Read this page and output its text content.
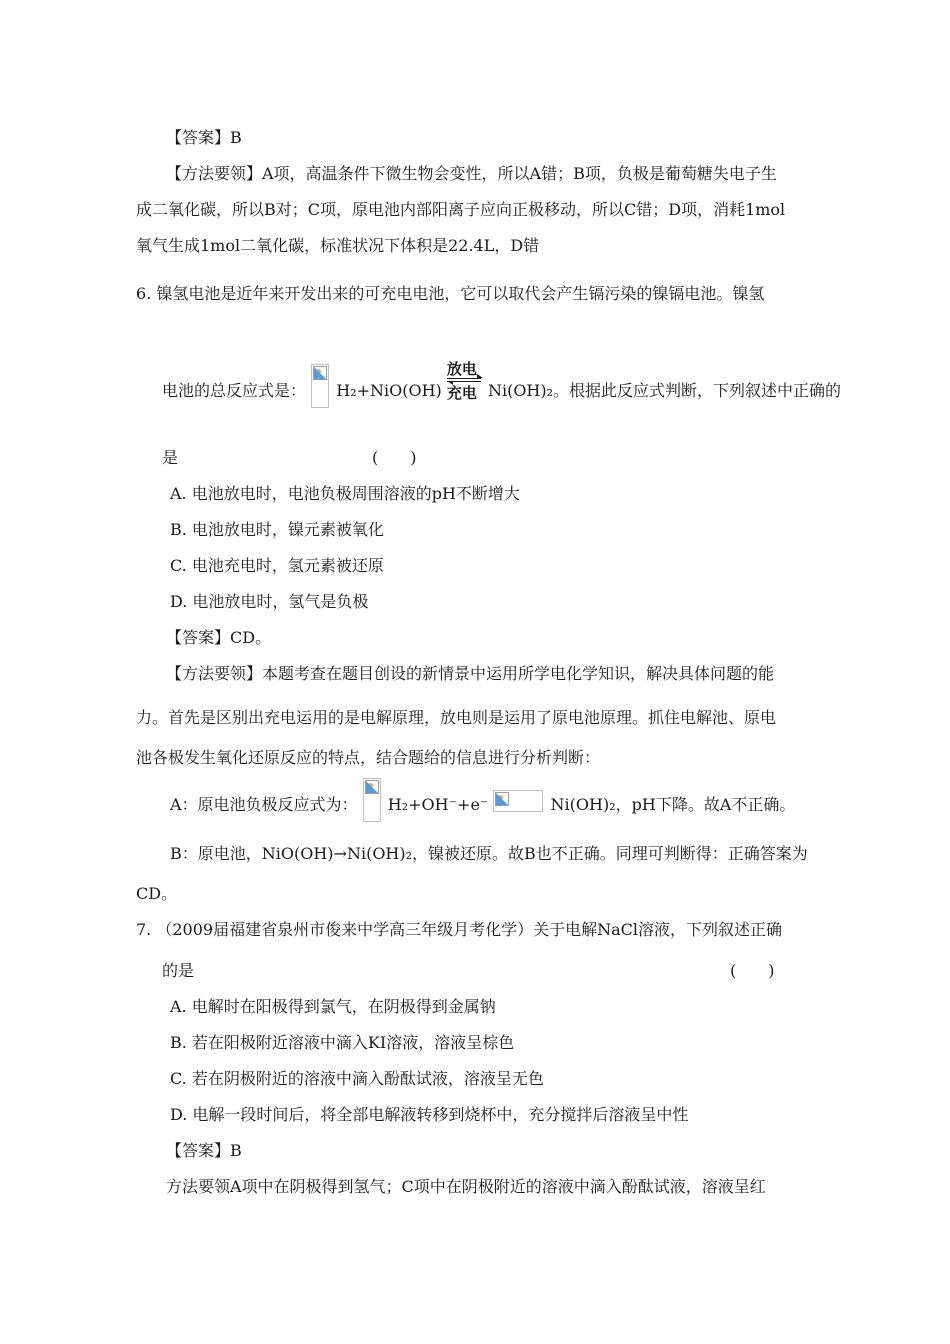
【答案】B
【方法要领】A项，高温条件下微生物会变性，所以A错；B项，负极是葡萄糖失电子生
成二氧化碳，所以B对；C项，原电池内部阳离子应向正极移动，所以C错；D项，消耗1mol
氧气生成1mol二氧化碳，标准状况下体积是22.4L，D错
6. 镍氢电池是近年来开发出来的可充电电池，它可以取代会产生镉污染的镍镉电池。镍氢
电池的总反应式是： H₂+NiO(OH)
放电
充电 Ni(OH)₂。根据此反应式判断，下列叙述中正确的
是	(　　)
A. 电池放电时，电池负极周围溶液的pH不断增大
B. 电池放电时，镍元素被氧化
C. 电池充电时，氢元素被还原
D. 电池放电时，氢气是负极
【答案】CD。
【方法要领】本题考查在题目创设的新情景中运用所学电化学知识，解决具体问题的能
力。首先是区别出充电运用的是电解原理，放电则是运用了原电池原理。抓住电解池、原电
池各极发生氧化还原反应的特点，结合题给的信息进行分析判断：
A：原电池负极反应式为： H₂+OH⁻+e⁻	Ni(OH)₂，pH下降。故A不正确。
B：原电池，NiO(OH)→Ni(OH)₂，镍被还原。故B也不正确。同理可判断得：正确答案为
CD。
7. （2009届福建省泉州市俊来中学高三年级月考化学）关于电解NaCl溶液，下列叙述正确
的是	(　　)
A. 电解时在阳极得到氯气，在阴极得到金属钠
B. 若在阳极附近溶液中滴入KI溶液，溶液呈棕色
C. 若在阴极附近的溶液中滴入酚酞试液，溶液呈无色
D. 电解一段时间后，将全部电解液转移到烧杯中，充分搅拌后溶液呈中性
【答案】B
方法要领A项中在阴极得到氢气；C项中在阴极附近的溶液中滴入酚酞试液，溶液呈红
